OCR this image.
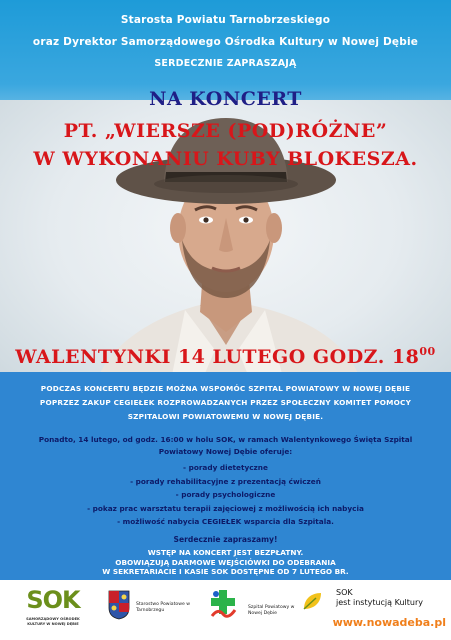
Starosta Powiatu Tarnobrzeskiego
oraz Dyrektor Samorządowego Ośrodka Kultury w Nowej Dębie
SERDECZNIE ZAPRASZAJĄ
NA KONCERT
PT. „WIERSZE (POD)RÓŻNE”
W WYKONANIU KUBY BLOKESZA.
WALENTYNKI 14 LUTEGO GODZ. $18^{00}$
PODCZAS KONCERTU BĘDZIE MOŻNA WSPOMÓC SZPITAL POWIATOWY W NOWEJ DĘBIE POPRZEZ ZAKUP CEGIEŁEK ROZPROWADZANYCH PRZEZ SPOŁECZNY KOMITET POMOCY SZPITALOWI POWIATOWEMU W NOWEJ DĘBIE.
Ponadto, 14 lutego, od godz. 16:00 w holu SOK, w ramach Walentynkowego Święta Szpital Powiatowy Nowej Dębie oferuje:
- porady dietetyczne
- porady rehabilitacyjne z prezentacją ćwiczeń
- porady psychologiczne
- pokaz prac warsztatu terapii zajęciowej z możliwością ich nabycia
- możliwość nabycia CEGIEŁEK wsparcia dla Szpitala.
Serdecznie zapraszamy!
WSTĘP NA KONCERT JEST BEZPŁATNY.
OBOWIĄZUJĄ DARMOWE WEJŚCIÓWKI DO ODEBRANIA
W SEKRETARIACIE I KASIE SOK DOSTĘPNE OD 7 LUTEGO BR.
SOK
SAMORZĄDOWY OŚRODEK KULTURY W NOWEJ DĘBIE
Starostwo Powiatowe w Tarnobrzegu
Szpital Powiatowy w Nowej Dębie
SOK
jest instytucją Kultury
www.nowadeba.pl
